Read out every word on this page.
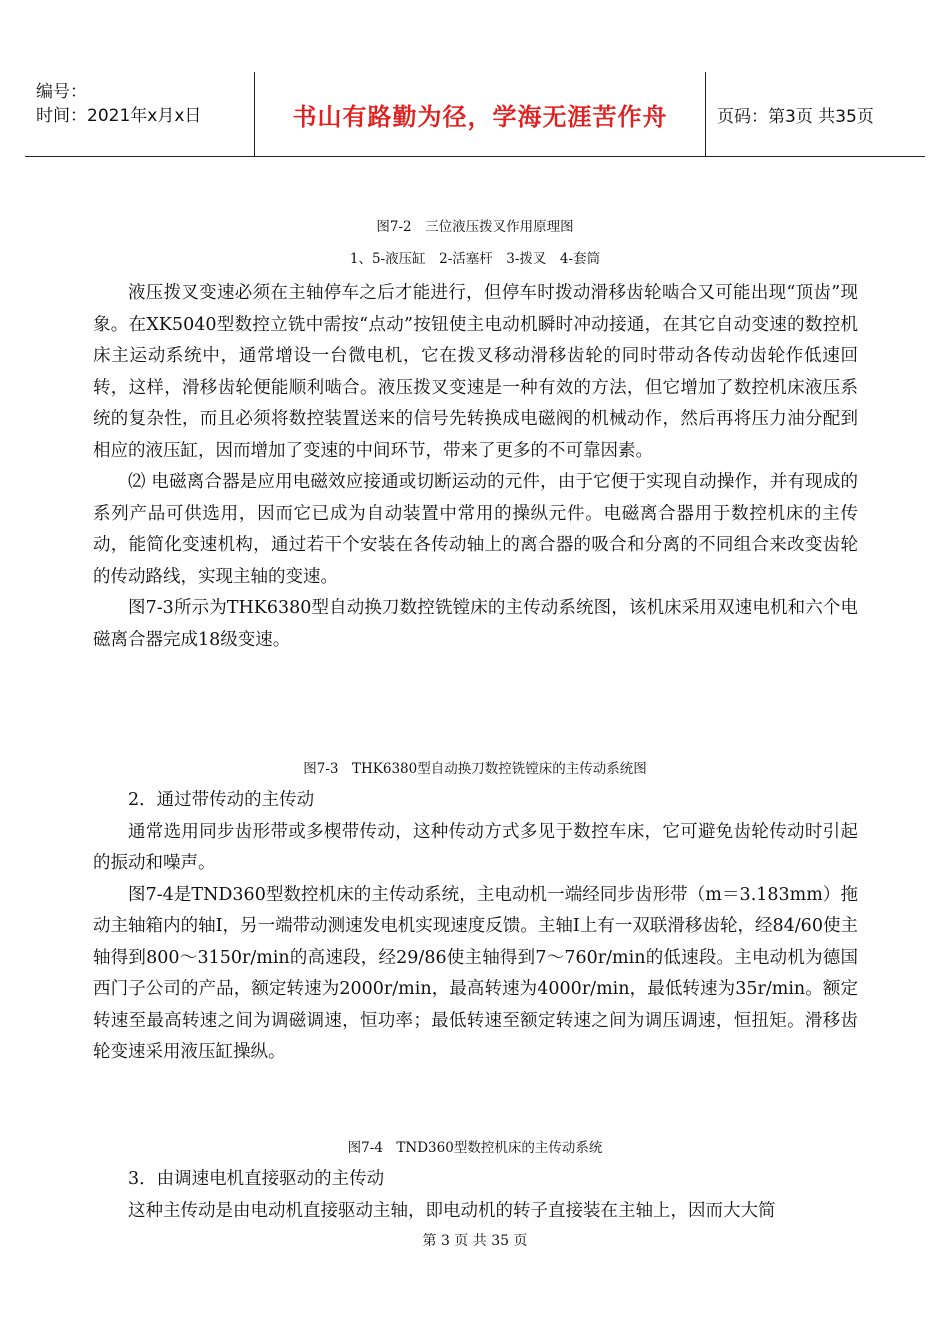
编号：
时间：2021年x月x日	书山有路勤为径，学海无涯苦作舟	页码：第3页 共35页
图7-2　三位液压拨叉作用原理图
1、5-液压缸　2-活塞杆　3-拨叉　4-套筒

液压拨叉变速必须在主轴停车之后才能进行，但停车时拨动滑移齿轮啮合又可能出现“顶齿”现象。在XK5040型数控立铣中需按“点动”按钮使主电动机瞬时冲动接通，在其它自动变速的数控机床主运动系统中，通常增设一台微电机，它在拨叉移动滑移齿轮的同时带动各传动齿轮作低速回转，这样，滑移齿轮便能顺利啮合。液压拨叉变速是一种有效的方法，但它增加了数控机床液压系统的复杂性，而且必须将数控装置送来的信号先转换成电磁阀的机械动作，然后再将压力油分配到相应的液压缸，因而增加了变速的中间环节，带来了更多的不可靠因素。

⑵ 电磁离合器是应用电磁效应接通或切断运动的元件，由于它便于实现自动操作，并有现成的系列产品可供选用，因而它已成为自动装置中常用的操纵元件。电磁离合器用于数控机床的主传动，能简化变速机构，通过若干个安装在各传动轴上的离合器的吸合和分离的不同组合来改变齿轮的传动路线，实现主轴的变速。

图7-3所示为THK6380型自动换刀数控铣镗床的主传动系统图，该机床采用双速电机和六个电磁离合器完成18级变速。

图7-3　THK6380型自动换刀数控铣镗床的主传动系统图

2．通过带传动的主传动

通常选用同步齿形带或多楔带传动，这种传动方式多见于数控车床，它可避免齿轮传动时引起的振动和噪声。

图7-4是TND360型数控机床的主传动系统，主电动机一端经同步齿形带（m＝3.183mm）拖动主轴箱内的轴Ⅰ，另一端带动测速发电机实现速度反馈。主轴Ⅰ上有一双联滑移齿轮，经84/60使主轴得到800～3150r/min的高速段，经29/86使主轴得到7～760r/min的低速段。主电动机为德国西门子公司的产品，额定转速为2000r/min，最高转速为4000r/min，最低转速为35r/min。额定转速至最高转速之间为调磁调速，恒功率；最低转速至额定转速之间为调压调速，恒扭矩。滑移齿轮变速采用液压缸操纵。

图7-4　TND360型数控机床的主传动系统

3．由调速电机直接驱动的主传动

这种主传动是由电动机直接驱动主轴，即电动机的转子直接装在主轴上，因而大大简

第 3 页 共 35 页
